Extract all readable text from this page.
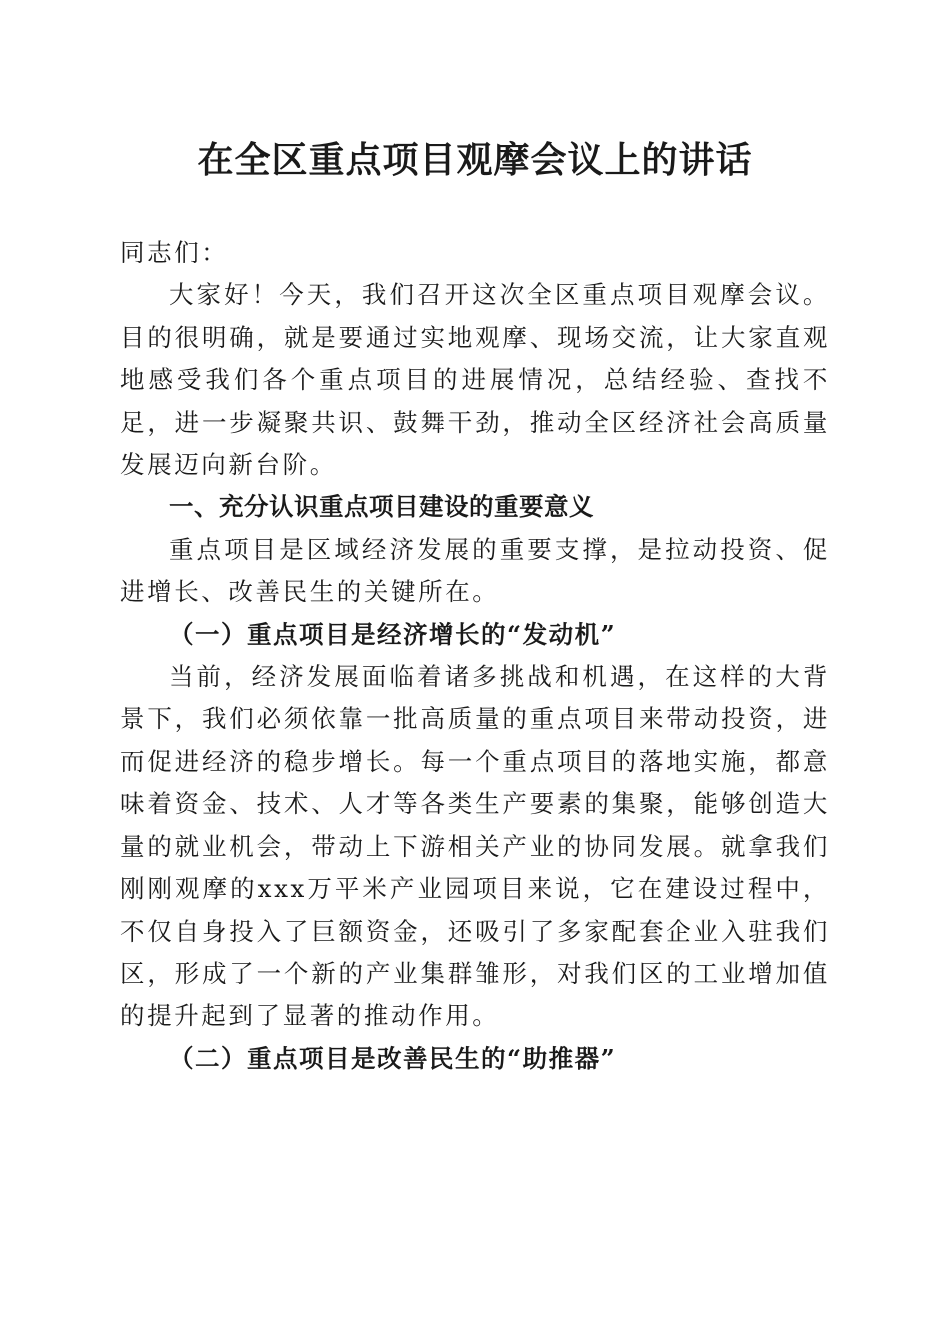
在全区重点项目观摩会议上的讲话

同志们：

大家好！今天，我们召开这次全区重点项目观摩会议。目的很明确，就是要通过实地观摩、现场交流，让大家直观地感受我们各个重点项目的进展情况，总结经验、查找不足，进一步凝聚共识、鼓舞干劲，推动全区经济社会高质量发展迈向新台阶。

一、充分认识重点项目建设的重要意义

重点项目是区域经济发展的重要支撑，是拉动投资、促进增长、改善民生的关键所在。

（一）重点项目是经济增长的“发动机”

当前，经济发展面临着诸多挑战和机遇，在这样的大背景下，我们必须依靠一批高质量的重点项目来带动投资，进而促进经济的稳步增长。每一个重点项目的落地实施，都意味着资金、技术、人才等各类生产要素的集聚，能够创造大量的就业机会，带动上下游相关产业的协同发展。就拿我们刚刚观摩的xxx万平米产业园项目来说，它在建设过程中，不仅自身投入了巨额资金，还吸引了多家配套企业入驻我们区，形成了一个新的产业集群雏形，对我们区的工业增加值的提升起到了显著的推动作用。

（二）重点项目是改善民生的“助推器”
